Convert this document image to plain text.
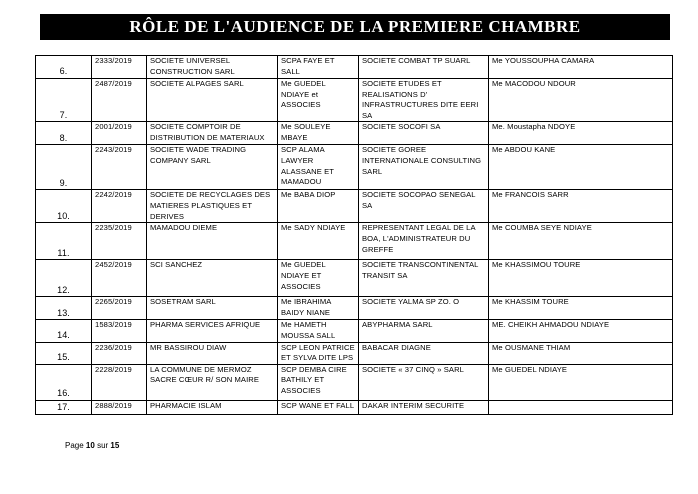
RÔLE DE L'AUDIENCE DE LA PREMIERE CHAMBRE
6.	2333/2019	SOCIETE UNIVERSEL CONSTRUCTION SARL	SCPA FAYE ET SALL	SOCIETE COMBAT TP SUARL	Me YOUSSOUPHA CAMARA
7.	2487/2019	SOCIETE ALPAGES SARL	Me GUEDEL NDIAYE et ASSOCIES	SOCIETE ETUDES ET REALISATIONS D' INFRASTRUCTURES DITE EERI SA	Me MACODOU NDOUR
8.	2001/2019	SOCIETE COMPTOIR DE DISTRIBUTION DE MATERIAUX	Me SOULEYE MBAYE	SOCIETE SOCOFI SA	Me. Moustapha NDOYE
9.	2243/2019	SOCIETE WADE TRADING COMPANY SARL	SCP ALAMA LAWYER ALASSANE ET MAMADOU	SOCIETE GOREE INTERNATIONALE CONSULTING SARL	Me ABDOU KANE
10.	2242/2019	SOCIETE DE RECYCLAGES DES MATIERES PLASTIQUES ET DERIVES	Me BABA DIOP	SOCIETE SOCOPAO SENEGAL SA	Me FRANCOIS SARR
11.	2235/2019	MAMADOU DIEME	Me SADY NDIAYE	REPRESENTANT LEGAL DE LA BOA, L'ADMINISTRATEUR DU GREFFE	Me COUMBA SEYE NDIAYE
12.	2452/2019	SCI SANCHEZ	Me GUEDEL NDIAYE ET ASSOCIES	SOCIETE TRANSCONTINENTAL TRANSIT SA	Me KHASSIMOU TOURE
13.	2265/2019	SOSETRAM SARL	Me IBRAHIMA BAIDY NIANE	SOCIETE YALMA SP ZO. O	Me KHASSIM TOURE
14.	1583/2019	PHARMA SERVICES AFRIQUE	Me HAMETH MOUSSA SALL	ABYPHARMA SARL	ME. CHEIKH AHMADOU NDIAYE
15.	2236/2019	MR BASSIROU DIAW	SCP LEON PATRICE ET SYLVA DITE LPS	BABACAR DIAGNE	Me OUSMANE THIAM
16.	2228/2019	LA COMMUNE DE MERMOZ SACRE CŒUR R/ SON MAIRE	SCP DEMBA CIRE BATHILY ET ASSOCIES	SOCIETE « 37 CINQ » SARL	Me GUEDEL NDIAYE
17.	2888/2019	PHARMACIE ISLAM	SCP WANE ET FALL	DAKAR INTERIM SECURITE	
Page 10 sur 15
